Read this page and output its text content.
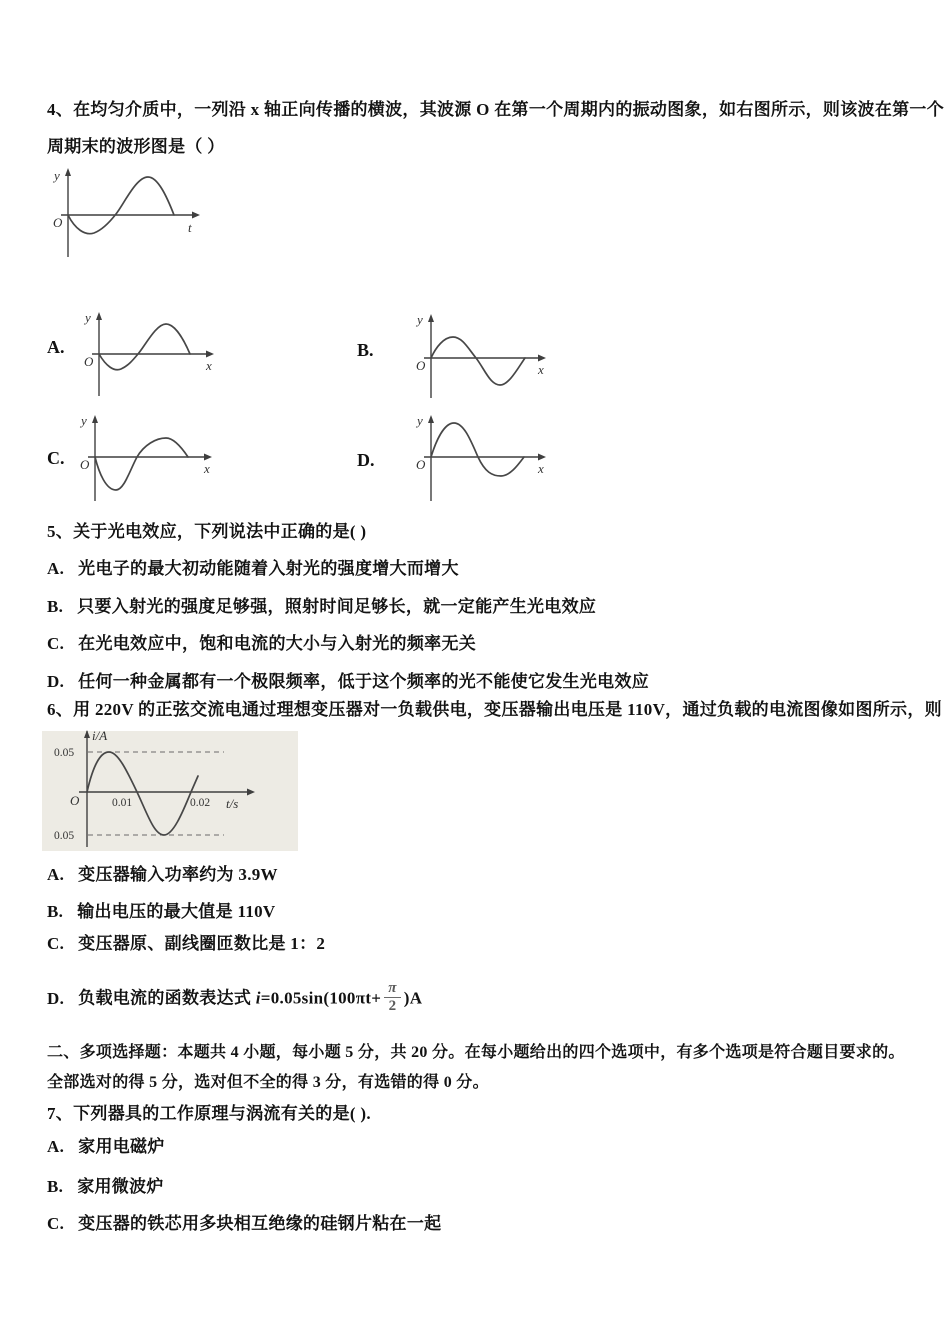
4、在均匀介质中，一列沿 x 轴正向传播的横波，其波源 O 在第一个周期内的振动图象，如右图所示，则该波在第一个
周期末的波形图是（ ）
y
O	t
A.
y
O	x
B.
y
O	x
C.
y
O	x	D.
y
O	x
5、关于光电效应，下列说法中正确的是( )
A. 光电子的最大初动能随着入射光的强度增大而增大
B. 只要入射光的强度足够强，照射时间足够长，就一定能产生光电效应
C. 在光电效应中，饱和电流的大小与入射光的频率无关
D. 任何一种金属都有一个极限频率，低于这个频率的光不能使它发生光电效应
6、用 220V 的正弦交流电通过理想变压器对一负载供电，变压器输出电压是 110V，通过负载的电流图像如图所示，则
i/A
0.05
O	0.01	0.02 t/s
0.05
A. 变压器输入功率约为 3.9W
B. 输出电压的最大值是 110V
C. 变压器原、副线圈匝数比是 1：2
D. 负载电流的函数表达式 $i=0.05\sin(100\pi t+ \frac{\pi}{2} )A$
二、多项选择题：本题共 4 小题，每小题 5 分，共 20 分。在每小题给出的四个选项中，有多个选项是符合题目要求的。
全部选对的得 5 分，选对但不全的得 3 分，有选错的得 0 分。
7、下列器具的工作原理与涡流有关的是( ).
A. 家用电磁炉
B. 家用微波炉
C. 变压器的铁芯用多块相互绝缘的硅钢片粘在一起
